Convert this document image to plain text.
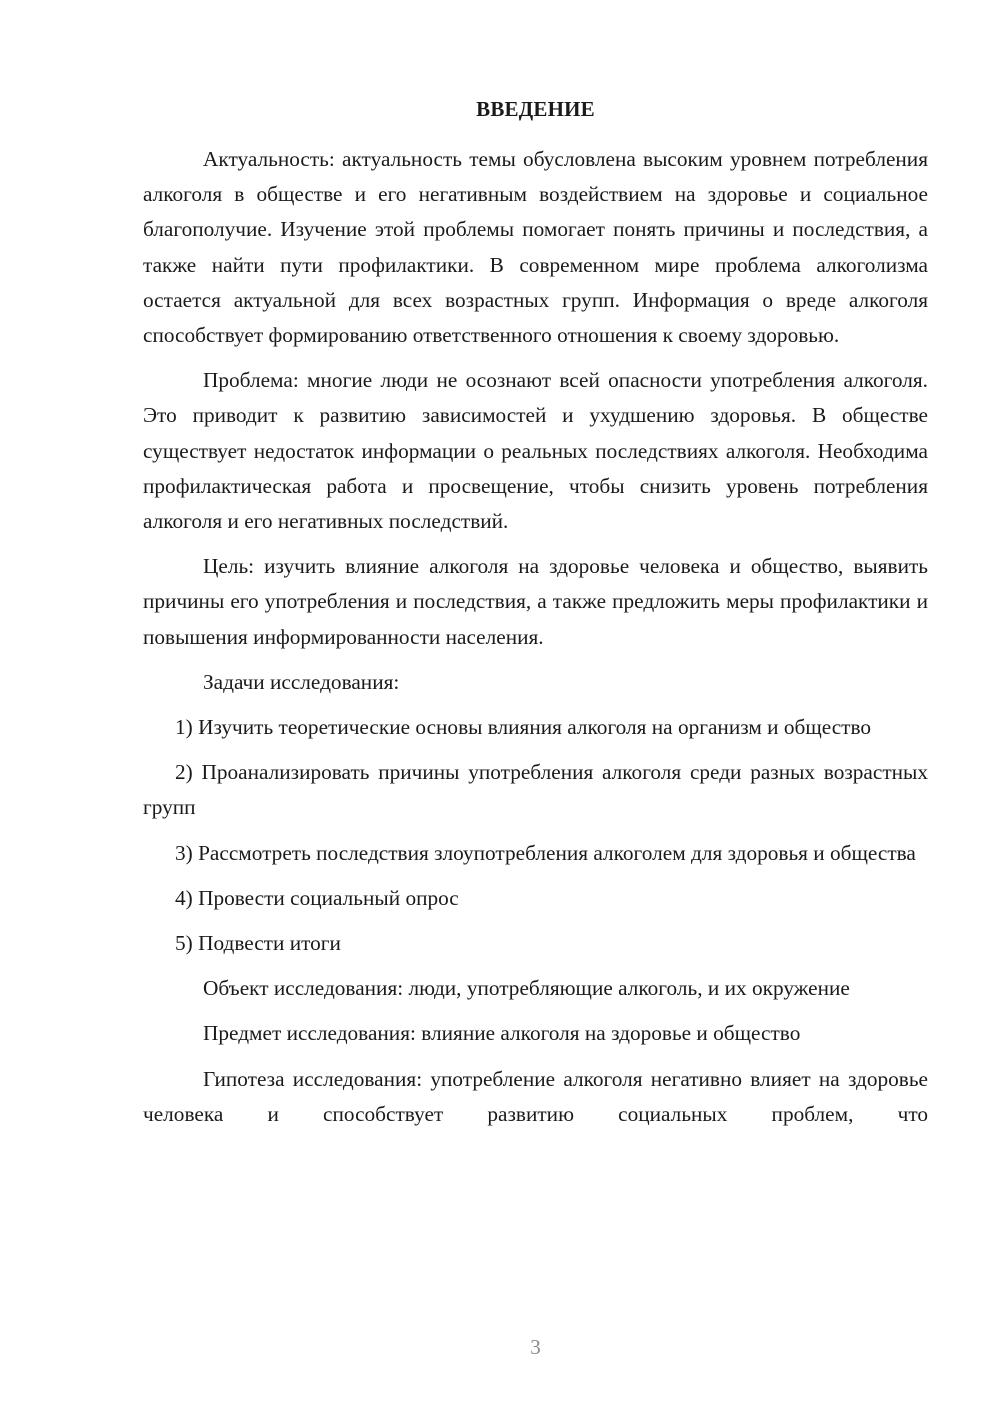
ВВЕДЕНИЕ

Актуальность: актуальность темы обусловлена высоким уровнем потребления алкоголя в обществе и его негативным воздействием на здоровье и социальное благополучие. Изучение этой проблемы помогает понять причины и последствия, а также найти пути профилактики. В современном мире проблема алкоголизма остается актуальной для всех возрастных групп. Информация о вреде алкоголя способствует формированию ответственного отношения к своему здоровью.

Проблема: многие люди не осознают всей опасности употребления алкоголя. Это приводит к развитию зависимостей и ухудшению здоровья. В обществе существует недостаток информации о реальных последствиях алкоголя. Необходима профилактическая работа и просвещение, чтобы снизить уровень потребления алкоголя и его негативных последствий.

Цель: изучить влияние алкоголя на здоровье человека и общество, выявить причины его употребления и последствия, а также предложить меры профилактики и повышения информированности населения.

Задачи исследования:

1) Изучить теоретические основы влияния алкоголя на организм и общество

2) Проанализировать причины употребления алкоголя среди разных возрастных групп

3) Рассмотреть последствия злоупотребления алкоголем для здоровья и общества

4) Провести социальный опрос

5) Подвести итоги

Объект исследования: люди, употребляющие алкоголь, и их окружение

Предмет исследования: влияние алкоголя на здоровье и общество

Гипотеза исследования: употребление алкоголя негативно влияет на здоровье человека и способствует развитию социальных проблем, что

3
